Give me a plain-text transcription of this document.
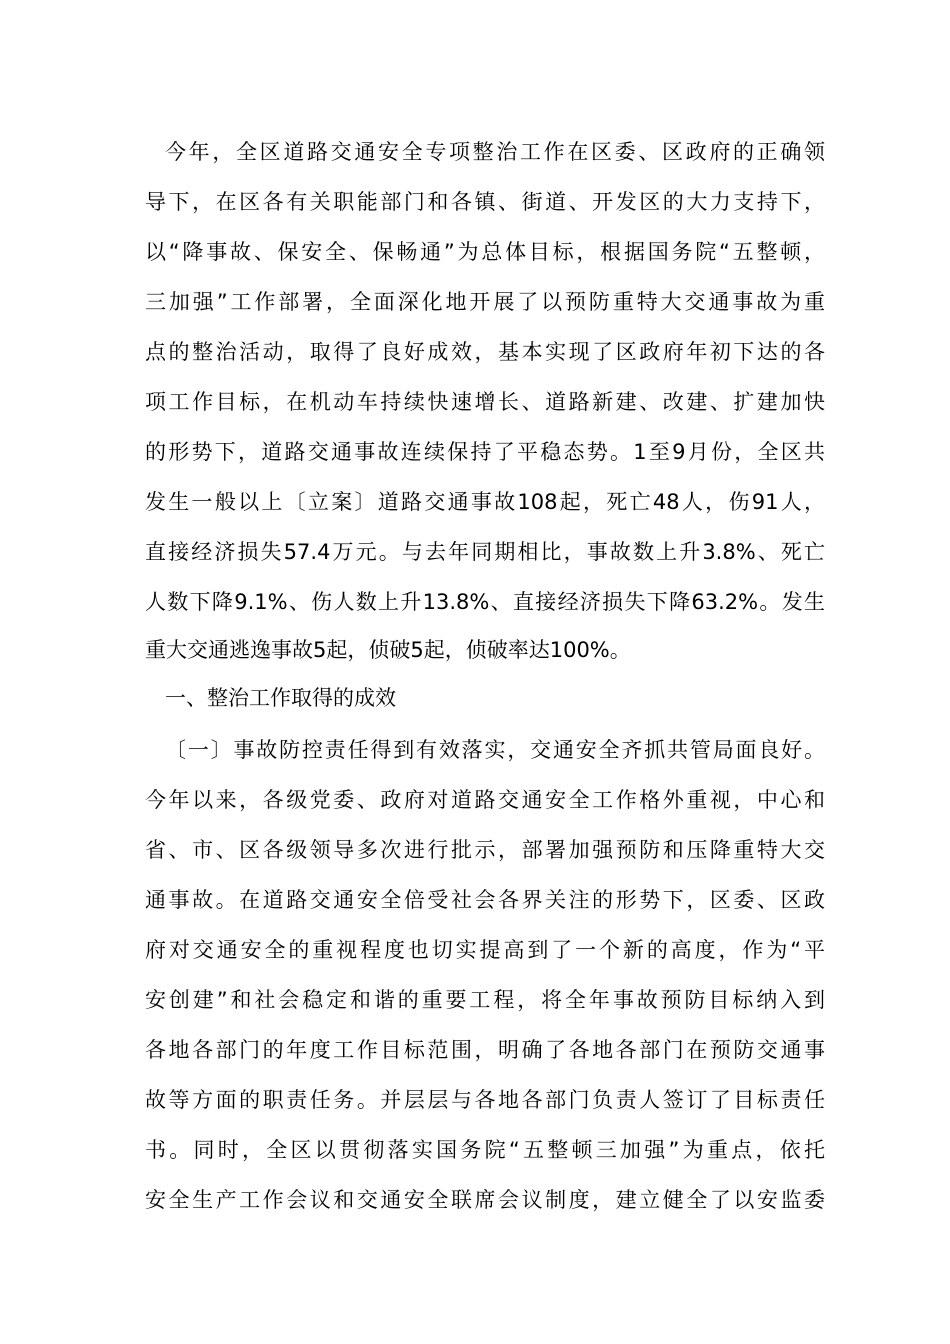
今年，全区道路交通安全专项整治工作在区委、区政府的正确领
导下，在区各有关职能部门和各镇、街道、开发区的大力支持下，
以“降事故、保安全、保畅通”为总体目标，根据国务院“五整顿，
三加强”工作部署，全面深化地开展了以预防重特大交通事故为重
点的整治活动，取得了良好成效，基本实现了区政府年初下达的各
项工作目标，在机动车持续快速增长、道路新建、改建、扩建加快
的形势下，道路交通事故连续保持了平稳态势。1至9月份，全区共
发生一般以上〔立案〕道路交通事故108起，死亡48人，伤91人，
直接经济损失57.4万元。与去年同期相比，事故数上升3.8%、死亡
人数下降9.1%、伤人数上升13.8%、直接经济损失下降63.2%。发生
重大交通逃逸事故5起，侦破5起，侦破率达100%。
一、整治工作取得的成效
〔一〕事故防控责任得到有效落实，交通安全齐抓共管局面良好。
今年以来，各级党委、政府对道路交通安全工作格外重视，中心和
省、市、区各级领导多次进行批示，部署加强预防和压降重特大交
通事故。在道路交通安全倍受社会各界关注的形势下，区委、区政
府对交通安全的重视程度也切实提高到了一个新的高度，作为“平
安创建”和社会稳定和谐的重要工程，将全年事故预防目标纳入到
各地各部门的年度工作目标范围，明确了各地各部门在预防交通事
故等方面的职责任务。并层层与各地各部门负责人签订了目标责任
书。同时，全区以贯彻落实国务院“五整顿三加强”为重点，依托
安全生产工作会议和交通安全联席会议制度，建立健全了以安监委
